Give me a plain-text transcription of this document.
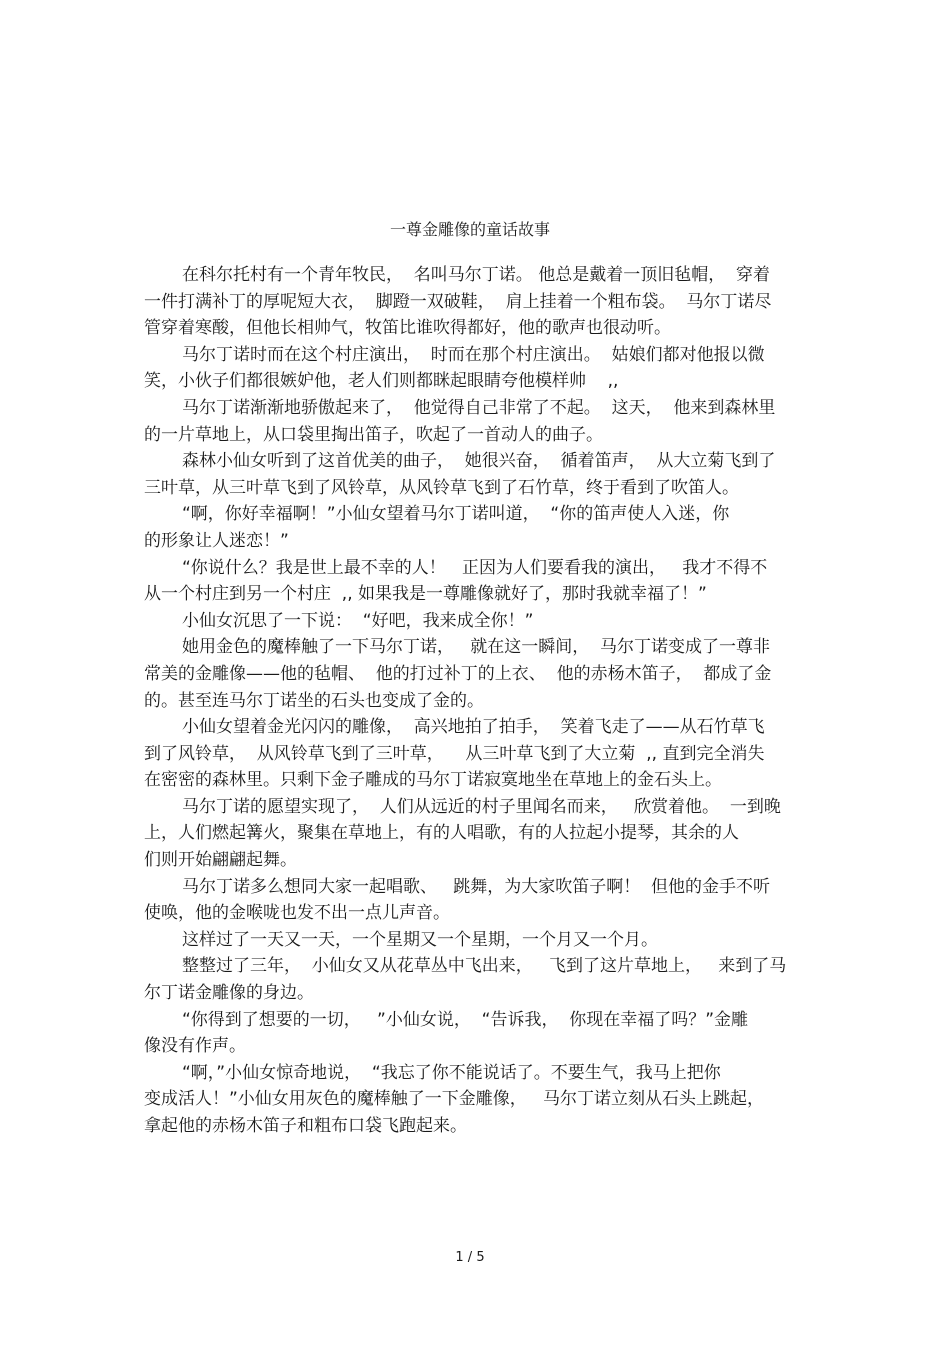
一尊金雕像的童话故事
在科尔托村有一个青年牧民，  名叫马尔丁诺。 他总是戴着一顶旧毡帽，  穿着
一件打满补丁的厚呢短大衣，  脚蹬一双破鞋，  肩上挂着一个粗布袋。  马尔丁诺尽
管穿着寒酸，但他长相帅气，牧笛比谁吹得都好，他的歌声也很动听。
马尔丁诺时而在这个村庄演出，  时而在那个村庄演出。  姑娘们都对他报以微
笑，小伙子们都很嫉妒他，老人们则都眯起眼睛夸他模样帅    ,,
马尔丁诺渐渐地骄傲起来了，  他觉得自己非常了不起。  这天，  他来到森林里
的一片草地上，从口袋里掏出笛子，吹起了一首动人的曲子。
森林小仙女听到了这首优美的曲子，  她很兴奋，  循着笛声，  从大立菊飞到了
三叶草，从三叶草飞到了风铃草，从风铃草飞到了石竹草，终于看到了吹笛人。
“啊，你好幸福啊！”小仙女望着马尔丁诺叫道，  “你的笛声使人入迷，你
的形象让人迷恋！”
“你说什么？我是世上最不幸的人！   正因为人们要看我的演出，   我才不得不
从一个村庄到另一个村庄  ,, 如果我是一尊雕像就好了，那时我就幸福了！”
小仙女沉思了一下说：  “好吧，我来成全你！”
她用金色的魔棒触了一下马尔丁诺，   就在这一瞬间，  马尔丁诺变成了一尊非
常美的金雕像——他的毡帽、  他的打过补丁的上衣、  他的赤杨木笛子，  都成了金
的。甚至连马尔丁诺坐的石头也变成了金的。
小仙女望着金光闪闪的雕像，  高兴地拍了拍手，  笑着飞走了——从石竹草飞
到了风铃草，  从风铃草飞到了三叶草，    从三叶草飞到了大立菊  ,, 直到完全消失
在密密的森林里。只剩下金子雕成的马尔丁诺寂寞地坐在草地上的金石头上。
马尔丁诺的愿望实现了，  人们从远近的村子里闻名而来，   欣赏着他。  一到晚
上，人们燃起篝火，聚集在草地上，有的人唱歌，有的人拉起小提琴，其余的人
们则开始翩翩起舞。
马尔丁诺多么想同大家一起唱歌、   跳舞，为大家吹笛子啊！  但他的金手不听
使唤，他的金喉咙也发不出一点儿声音。
这样过了一天又一天，一个星期又一个星期，一个月又一个月。
整整过了三年，  小仙女又从花草丛中飞出来，   飞到了这片草地上，   来到了马
尔丁诺金雕像的身边。
“你得到了想要的一切，   ”小仙女说，  “告诉我，  你现在幸福了吗？”金雕
像没有作声。
“啊，”小仙女惊奇地说，  “我忘了你不能说话了。不要生气，我马上把你
变成活人！”小仙女用灰色的魔棒触了一下金雕像，   马尔丁诺立刻从石头上跳起，
拿起他的赤杨木笛子和粗布口袋飞跑起来。
1 / 5
